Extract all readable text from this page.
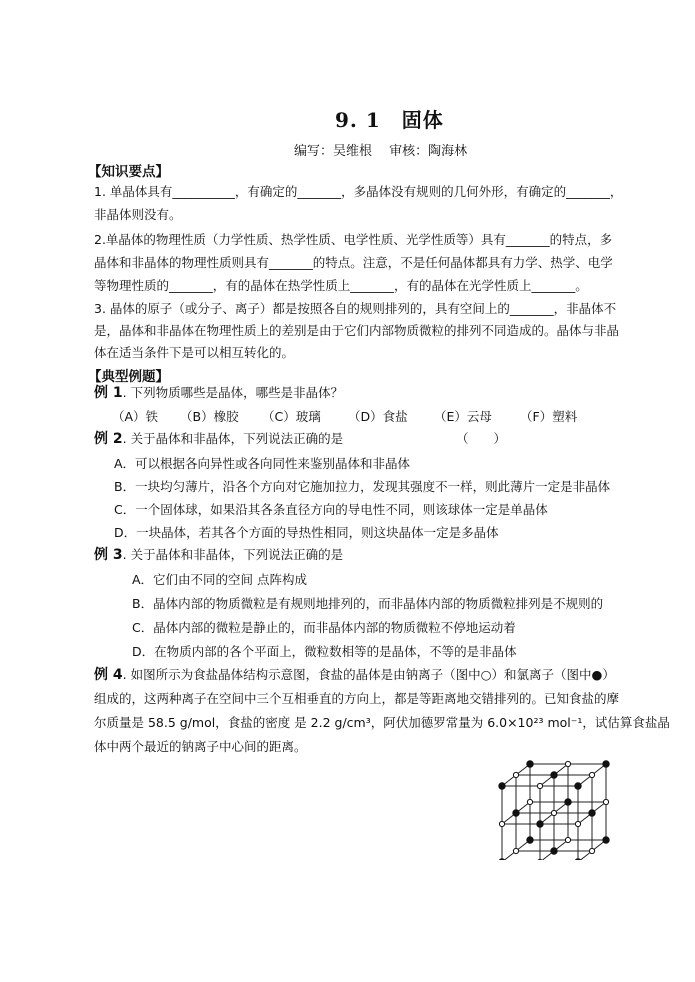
9. 1　固体
编写：吴维根　 审核：陶海林
【知识要点】
1. 单晶体具有__________，有确定的_______，多晶体没有规则的几何外形，有确定的_______，
非晶体则没有。
2.单晶体的物理性质（力学性质、热学性质、电学性质、光学性质等）具有_______的特点，多
晶体和非晶体的物理性质则具有_______的特点。注意，不是任何晶体都具有力学、热学、电学
等物理性质的_______，有的晶体在热学性质上_______，有的晶体在光学性质上_______。
3. 晶体的原子（或分子、离子）都是按照各自的规则排列的，具有空间上的_______，非晶体不
是，晶体和非晶体在物理性质上的差别是由于它们内部物质微粒的排列不同造成的。晶体与非晶
体在适当条件下是可以相互转化的。
【典型例题】
例 1. 下列物质哪些是晶体，哪些是非晶体？
（A）铁 （B）橡胶 （C）玻璃 （D）食盐 （E）云母 （F）塑料
例 2. 关于晶体和非晶体，下列说法正确的是	（　　）
A．可以根据各向异性或各向同性来鉴别晶体和非晶体
B．一块均匀薄片，沿各个方向对它施加拉力，发现其强度不一样，则此薄片一定是非晶体
C．一个固体球，如果沿其各条直径方向的导电性不同，则该球体一定是单晶体
D．一块晶体，若其各个方面的导热性相同，则这块晶体一定是多晶体
例 3. 关于晶体和非晶体，下列说法正确的是
A．它们由不同的空间 点阵构成
B．晶体内部的物质微粒是有规则地排列的，而非晶体内部的物质微粒排列是不规则的
C．晶体内部的微粒是静止的，而非晶体内部的物质微粒不停地运动着
D．在物质内部的各个平面上，微粒数相等的是晶体，不等的是非晶体
例 4. 如图所示为食盐晶体结构示意图，食盐的晶体是由钠离子（图中○）和氯离子（图中●）
组成的，这两种离子在空间中三个互相垂直的方向上，都是等距离地交错排列的。已知食盐的摩
尔质量是 58.5 g/mol，食盐的密度 是 2.2 g/cm³，阿伏加德罗常量为 6.0×10²³ mol⁻¹，试估算食盐晶
体中两个最近的钠离子中心间的距离。
